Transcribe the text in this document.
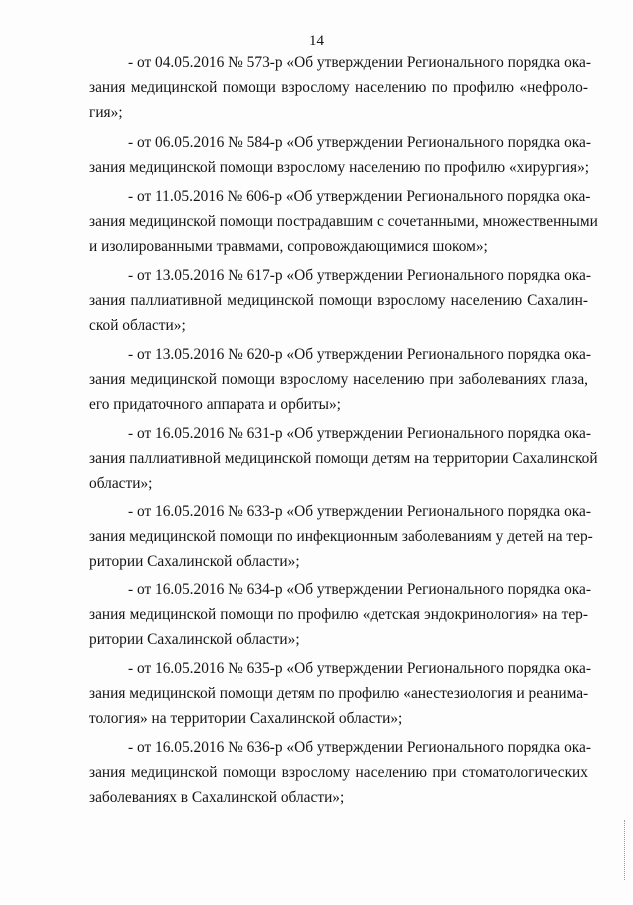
14
- от 04.05.2016 № 573-р «Об утверждении Регионального порядка ока-
зания медицинской помощи взрослому населению по профилю «нефроло-
гия»;
- от 06.05.2016 № 584-р «Об утверждении Регионального порядка ока-
зания медицинской помощи взрослому населению по профилю «хирургия»;
- от 11.05.2016 № 606-р «Об утверждении Регионального порядка ока-
зания медицинской помощи пострадавшим с сочетанными, множественными
и изолированными травмами, сопровождающимися шоком»;
- от 13.05.2016 № 617-р «Об утверждении Регионального порядка ока-
зания паллиативной медицинской помощи взрослому населению Сахалин-
ской области»;
- от 13.05.2016 № 620-р «Об утверждении Регионального порядка ока-
зания медицинской помощи взрослому населению при заболеваниях глаза,
его придаточного аппарата и орбиты»;
- от 16.05.2016 № 631-р «Об утверждении Регионального порядка ока-
зания паллиативной медицинской помощи детям на территории Сахалинской
области»;
- от 16.05.2016 № 633-р «Об утверждении Регионального порядка ока-
зания медицинской помощи по инфекционным заболеваниям у детей на тер-
ритории Сахалинской области»;
- от 16.05.2016 № 634-р «Об утверждении Регионального порядка ока-
зания медицинской помощи по профилю «детская эндокринология» на тер-
ритории Сахалинской области»;
- от 16.05.2016 № 635-р «Об утверждении Регионального порядка ока-
зания медицинской помощи детям по профилю «анестезиология и реанима-
тология» на территории Сахалинской области»;
- от 16.05.2016 № 636-р «Об утверждении Регионального порядка ока-
зания медицинской помощи взрослому населению при стоматологических
заболеваниях в Сахалинской области»;
